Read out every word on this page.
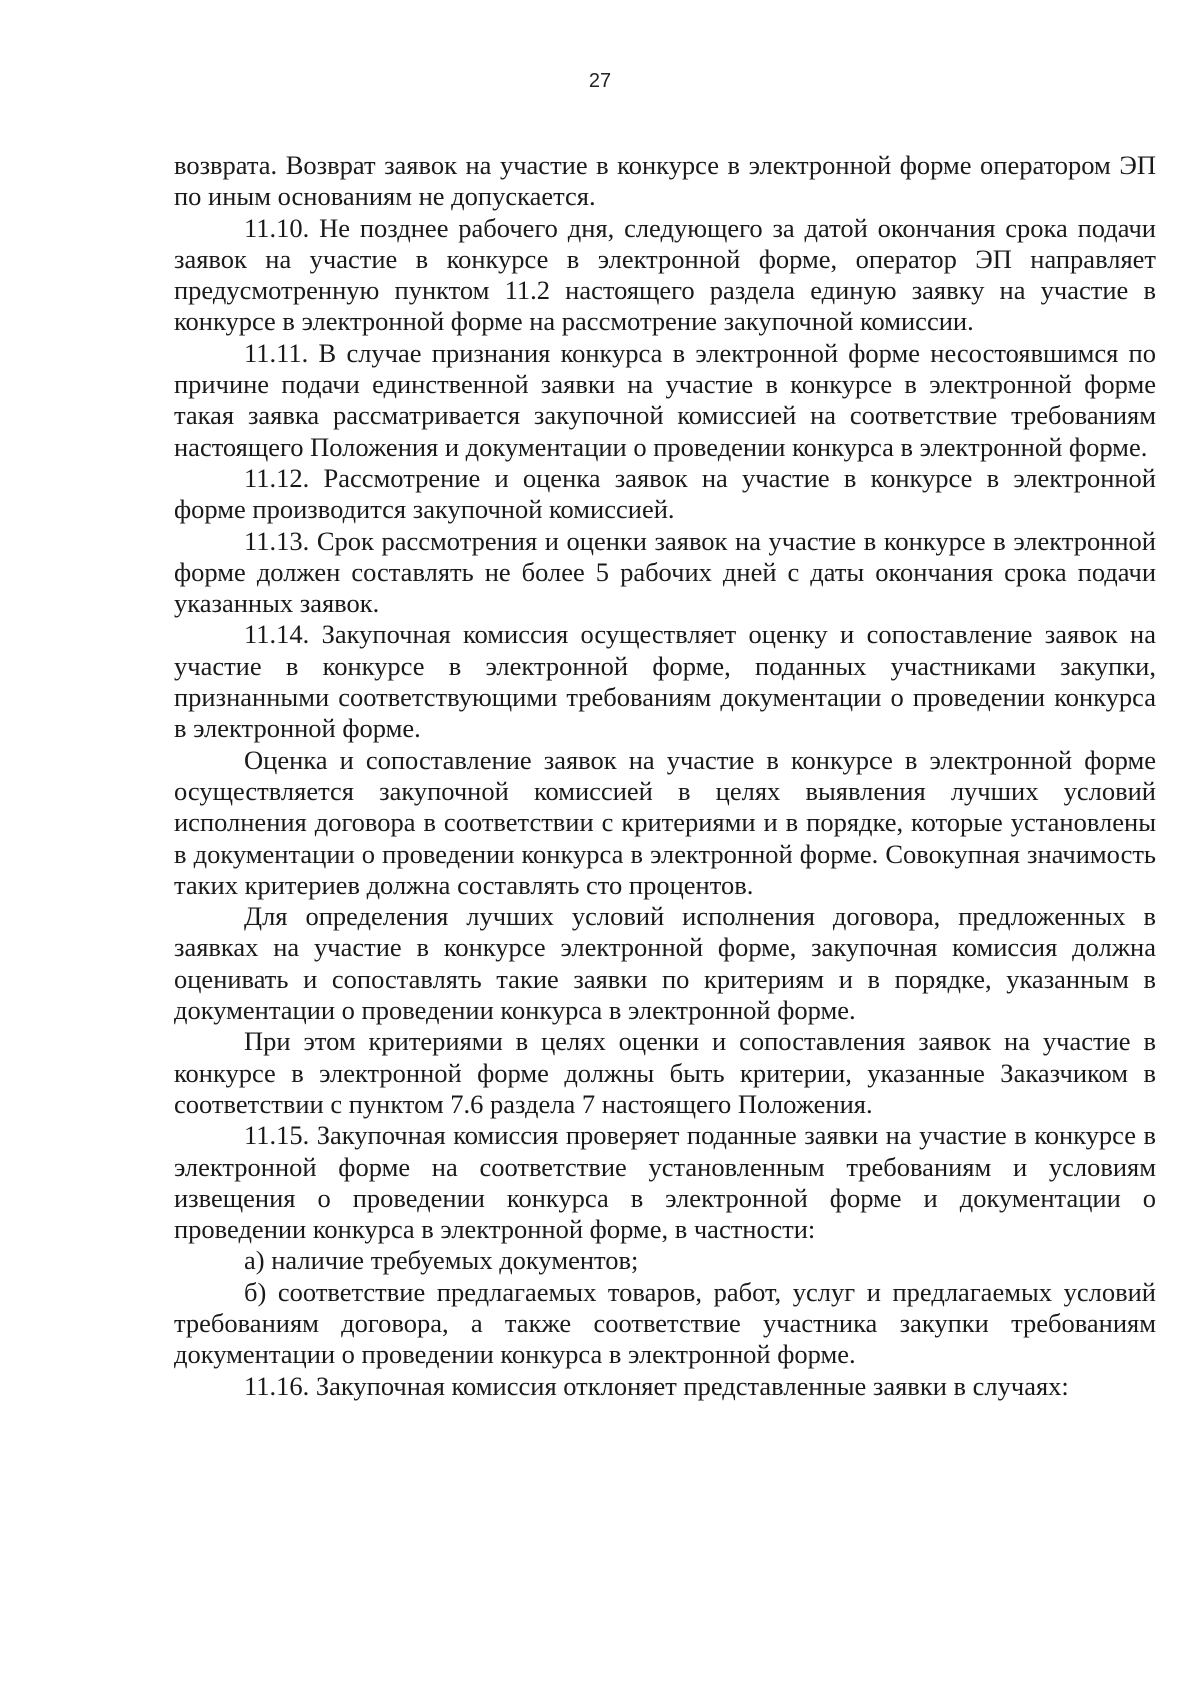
27

возврата. Возврат заявок на участие в конкурсе в электронной форме оператором ЭП по иным основаниям не допускается.

11.10. Не позднее рабочего дня, следующего за датой окончания срока подачи заявок на участие в конкурсе в электронной форме, оператор ЭП направляет предусмотренную пунктом 11.2 настоящего раздела единую заявку на участие в конкурсе в электронной форме на рассмотрение закупочной комиссии.

11.11. В случае признания конкурса в электронной форме несостоявшимся по причине подачи единственной заявки на участие в конкурсе в электронной форме такая заявка рассматривается закупочной комиссией на соответствие требованиям настоящего Положения и документации о проведении конкурса в электронной форме.

11.12. Рассмотрение и оценка заявок на участие в конкурсе в электронной форме производится закупочной комиссией.

11.13. Срок рассмотрения и оценки заявок на участие в конкурсе в электронной форме должен составлять не более 5 рабочих дней с даты окончания срока подачи указанных заявок.

11.14. Закупочная комиссия осуществляет оценку и сопоставление заявок на участие в конкурсе в электронной форме, поданных участниками закупки, признанными соответствующими требованиям документации о проведении конкурса в электронной форме.

Оценка и сопоставление заявок на участие в конкурсе в электронной форме осуществляется закупочной комиссией в целях выявления лучших условий исполнения договора в соответствии с критериями и в порядке, которые установлены в документации о проведении конкурса в электронной форме. Совокупная значимость таких критериев должна составлять сто процентов.

Для определения лучших условий исполнения договора, предложенных в заявках на участие в конкурсе электронной форме, закупочная комиссия должна оценивать и сопоставлять такие заявки по критериям и в порядке, указанным в документации о проведении конкурса в электронной форме.

При этом критериями в целях оценки и сопоставления заявок на участие в конкурсе в электронной форме должны быть критерии, указанные Заказчиком в соответствии с пунктом 7.6 раздела 7 настоящего Положения.

11.15. Закупочная комиссия проверяет поданные заявки на участие в конкурсе в электронной форме на соответствие установленным требованиям и условиям извещения о проведении конкурса в электронной форме и документации о проведении конкурса в электронной форме, в частности:

а) наличие требуемых документов;

б) соответствие предлагаемых товаров, работ, услуг и предлагаемых условий требованиям договора, а также соответствие участника закупки требованиям документации о проведении конкурса в электронной форме.

11.16. Закупочная комиссия отклоняет представленные заявки в случаях:
